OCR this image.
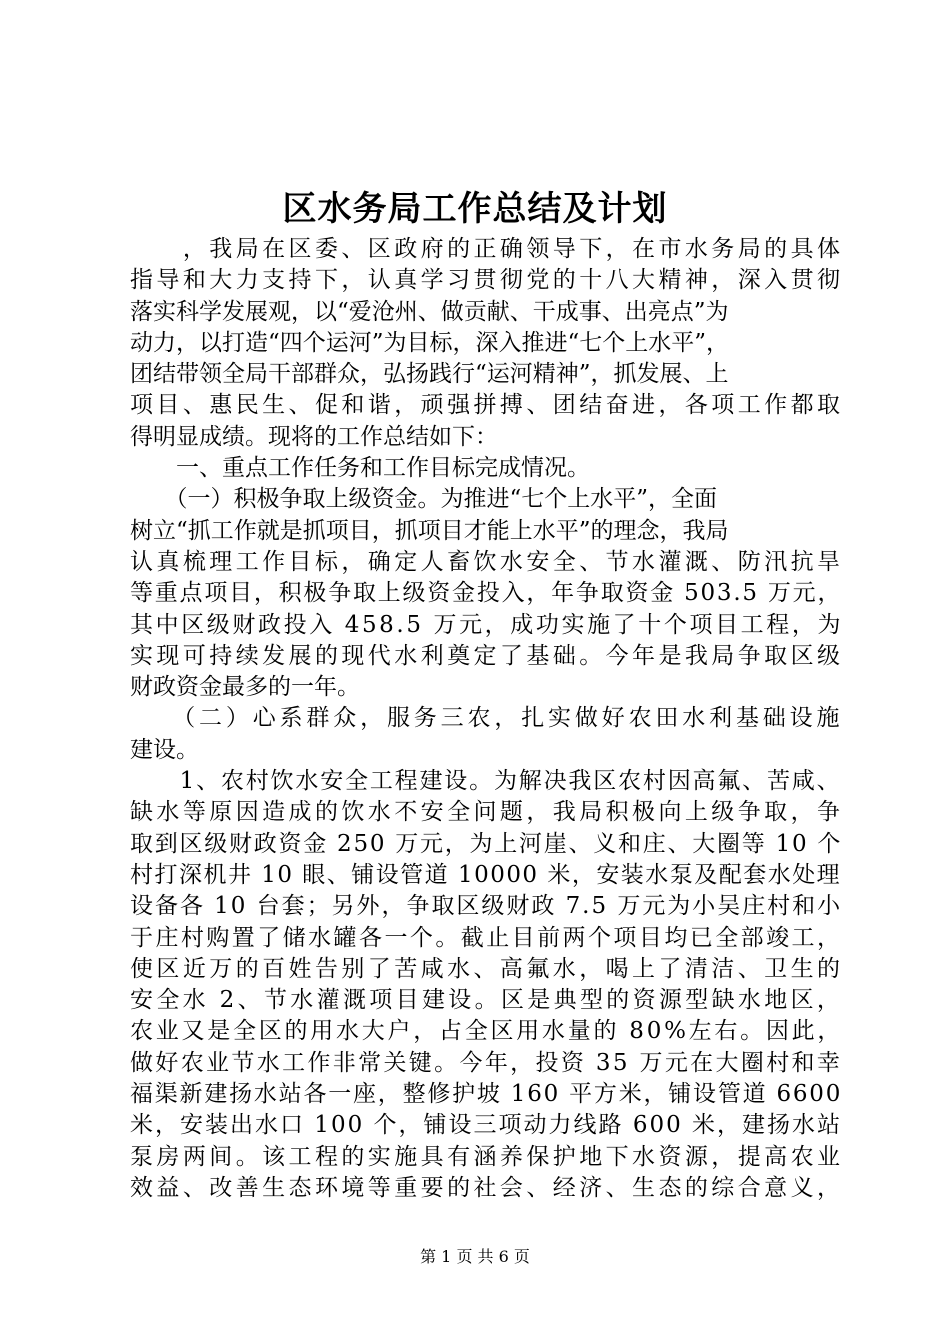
区水务局工作总结及计划
　　，我局在区委、区政府的正确领导下，在市水务局的具体
指导和大力支持下，认真学习贯彻党的十八大精神，深入贯彻
落实科学发展观，以“爱沧州、做贡献、干成事、出亮点”为
动力，以打造“四个运河”为目标，深入推进“七个上水平”，
团结带领全局干部群众，弘扬践行“运河精神”，抓发展、上
项目、惠民生、促和谐，顽强拼搏、团结奋进，各项工作都取
得明显成绩。现将的工作总结如下：
　　一、重点工作任务和工作目标完成情况。
　　（一）积极争取上级资金。为推进“七个上水平”，全面
树立“抓工作就是抓项目，抓项目才能上水平”的理念，我局
认真梳理工作目标，确定人畜饮水安全、节水灌溉、防汛抗旱
等重点项目，积极争取上级资金投入，年争取资金 503.5 万元，
其中区级财政投入 458.5 万元，成功实施了十个项目工程，为
实现可持续发展的现代水利奠定了基础。今年是我局争取区级
财政资金最多的一年。
　　（二）心系群众，服务三农，扎实做好农田水利基础设施
建设。
　　1、农村饮水安全工程建设。为解决我区农村因高氟、苦咸、
缺水等原因造成的饮水不安全问题，我局积极向上级争取，争
取到区级财政资金 250 万元，为上河崖、义和庄、大圈等 10 个
村打深机井 10 眼、铺设管道 10000 米，安装水泵及配套水处理
设备各 10 台套；另外，争取区级财政 7.5 万元为小吴庄村和小
于庄村购置了储水罐各一个。截止目前两个项目均已全部竣工，
使区近万的百姓告别了苦咸水、高氟水，喝上了清洁、卫生的
安全水 2、节水灌溉项目建设。区是典型的资源型缺水地区，
农业又是全区的用水大户，占全区用水量的 80%左右。因此，
做好农业节水工作非常关键。今年，投资 35 万元在大圈村和幸
福渠新建扬水站各一座，整修护坡 160 平方米，铺设管道 6600
米，安装出水口 100 个，铺设三项动力线路 600 米，建扬水站
泵房两间。该工程的实施具有涵养保护地下水资源，提高农业
效益、改善生态环境等重要的社会、经济、生态的综合意义，
第 1 页 共 6 页
